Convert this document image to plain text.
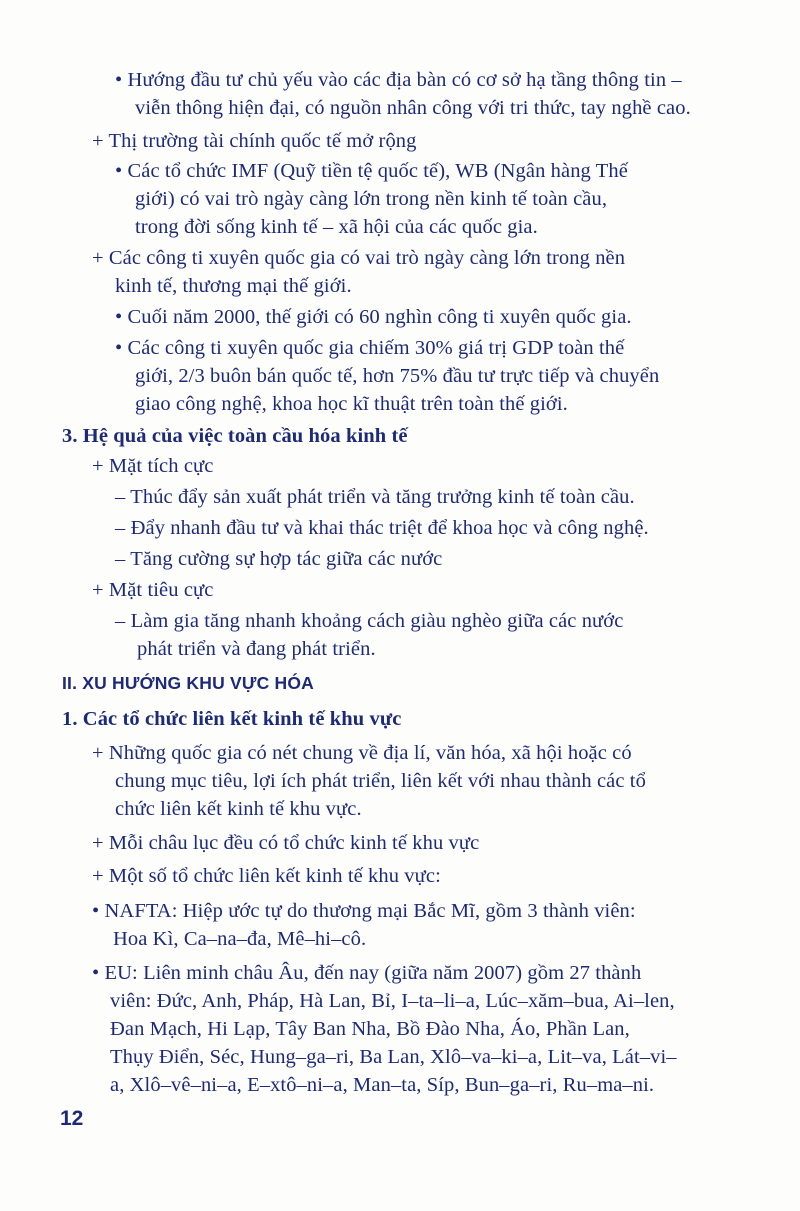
• Hướng đầu tư chủ yếu vào các địa bàn có cơ sở hạ tầng thông tin –
viễn thông hiện đại, có nguồn nhân công với tri thức, tay nghề cao.
+ Thị trường tài chính quốc tế mở rộng
• Các tổ chức IMF (Quỹ tiền tệ quốc tế), WB (Ngân hàng Thế
giới) có vai trò ngày càng lớn trong nền kinh tế toàn cầu,
trong đời sống kinh tế – xã hội của các quốc gia.
+ Các công ti xuyên quốc gia có vai trò ngày càng lớn trong nền
kinh tế, thương mại thế giới.
• Cuối năm 2000, thế giới có 60 nghìn công ti xuyên quốc gia.
• Các công ti xuyên quốc gia chiếm 30% giá trị GDP toàn thế
giới, 2/3 buôn bán quốc tế, hơn 75% đầu tư trực tiếp và chuyển
giao công nghệ, khoa học kĩ thuật trên toàn thế giới.
3. Hệ quả của việc toàn cầu hóa kinh tế
+ Mặt tích cực
– Thúc đẩy sản xuất phát triển và tăng trưởng kinh tế toàn cầu.
– Đẩy nhanh đầu tư và khai thác triệt để khoa học và công nghệ.
– Tăng cường sự hợp tác giữa các nước
+ Mặt tiêu cực
– Làm gia tăng nhanh khoảng cách giàu nghèo giữa các nước
phát triển và đang phát triển.
II. XU HƯỚNG KHU VỰC HÓA
1. Các tổ chức liên kết kinh tế khu vực
+ Những quốc gia có nét chung về địa lí, văn hóa, xã hội hoặc có
chung mục tiêu, lợi ích phát triển, liên kết với nhau thành các tổ
chức liên kết kinh tế khu vực.
+ Mỗi châu lục đều có tổ chức kinh tế khu vực
+ Một số tổ chức liên kết kinh tế khu vực:
• NAFTA: Hiệp ước tự do thương mại Bắc Mĩ, gồm 3 thành viên:
Hoa Kì, Ca–na–đa, Mê–hi–cô.
• EU: Liên minh châu Âu, đến nay (giữa năm 2007) gồm 27 thành
viên: Đức, Anh, Pháp, Hà Lan, Bỉ, I–ta–li–a, Lúc–xăm–bua, Ai–len,
Đan Mạch, Hi Lạp, Tây Ban Nha, Bồ Đào Nha, Áo, Phần Lan,
Thụy Điển, Séc, Hung–ga–ri, Ba Lan, Xlô–va–ki–a, Lit–va, Lát–vi–
a, Xlô–vê–ni–a, E–xtô–ni–a, Man–ta, Síp, Bun–ga–ri, Ru–ma–ni.
12
